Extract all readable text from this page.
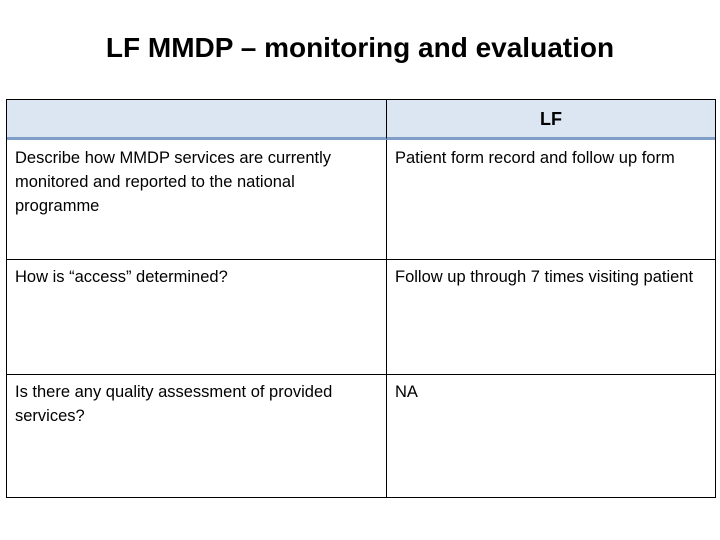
LF MMDP – monitoring and evaluation
LF
Describe how MMDP services are currently monitored and reported to the national programme
Patient form record and follow up form
How is “access” determined?	Follow up through 7 times visiting patient
Is there any quality assessment of provided services?
NA
